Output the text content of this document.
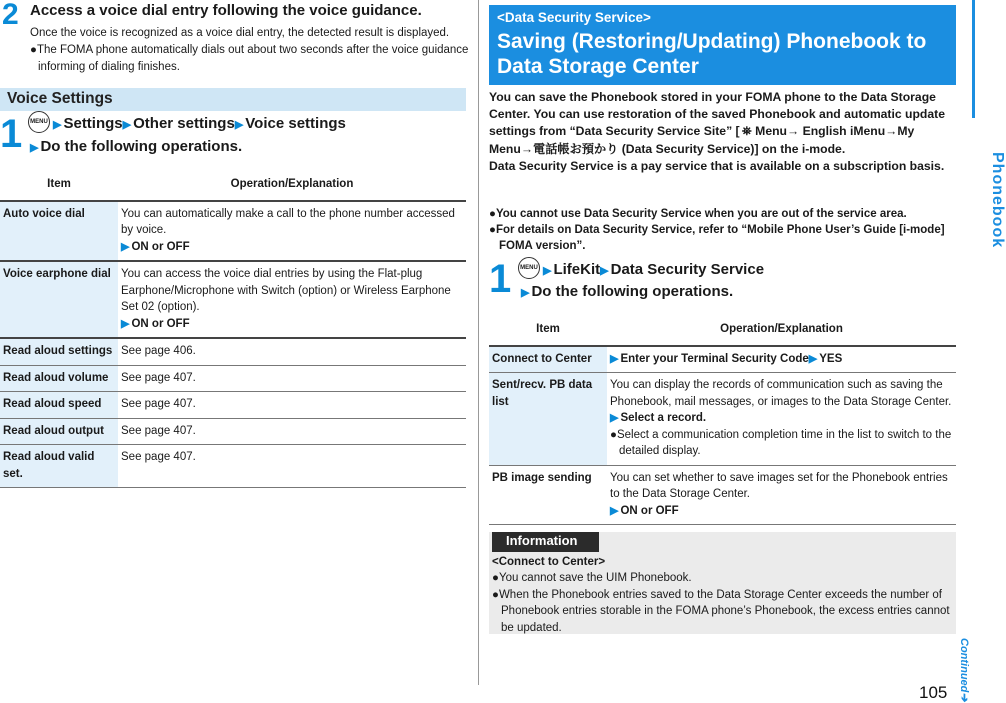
2 Access a voice dial entry following the voice guidance.
Once the voice is recognized as a voice dial entry, the detected result is displayed.
●The FOMA phone automatically dials out about two seconds after the voice guidance informing of dialing finishes.
Voice Settings
1	MENU ▶ Settings▶ Other settings▶ Voice settings
▶ Do the following operations.
Item	Operation/Explanation
Auto voice dial	You can automatically make a call to the phone number accessed by voice.
▶ ON or OFF

Voice earphone dial	You can access the voice dial entries by using the Flat-plug Earphone/Microphone with Switch (option) or Wireless Earphone Set 02 (option).
▶ ON or OFF

Read aloud settings	See page 406.
Read aloud volume	See page 407.
Read aloud speed	See page 407.
Read aloud output	See page 407.
Read aloud valid set.	See page 407.
<Data Security Service>
Saving (Restoring/Updating) Phonebook to Data Storage Center
You can save the Phonebook stored in your FOMA phone to the Data Storage Center. You can use restoration of the saved Phonebook and automatic update settings from “Data Security Service Site” [ ⛯ Menu→ English iMenu→My Menu→電話帳お預かり (Data Security Service)] on the i-mode.
Data Security Service is a pay service that is available on a subscription basis.
●You cannot use Data Security Service when you are out of the service area.
●For details on Data Security Service, refer to “Mobile Phone User’s Guide [i-mode] FOMA version”.
1	MENU ▶ LifeKit▶ Data Security Service
▶ Do the following operations.
Item	Operation/Explanation
Connect to Center	▶ Enter your Terminal Security Code▶ YES
Sent/recv. PB data list	You can display the records of communication such as saving the Phonebook, mail messages, or images to the Data Storage Center.
▶ Select a record.
●Select a communication completion time in the list to switch to the detailed display.

PB image sending	You can set whether to save images set for the Phonebook entries to the Data Storage Center.
▶ ON or OFF
Information
<Connect to Center>
●You cannot save the UIM Phonebook.
●When the Phonebook entries saved to the Data Storage Center exceeds the number of Phonebook entries storable in the FOMA phone’s Phonebook, the excess entries cannot be updated.
Phonebook
Continued➔
105
